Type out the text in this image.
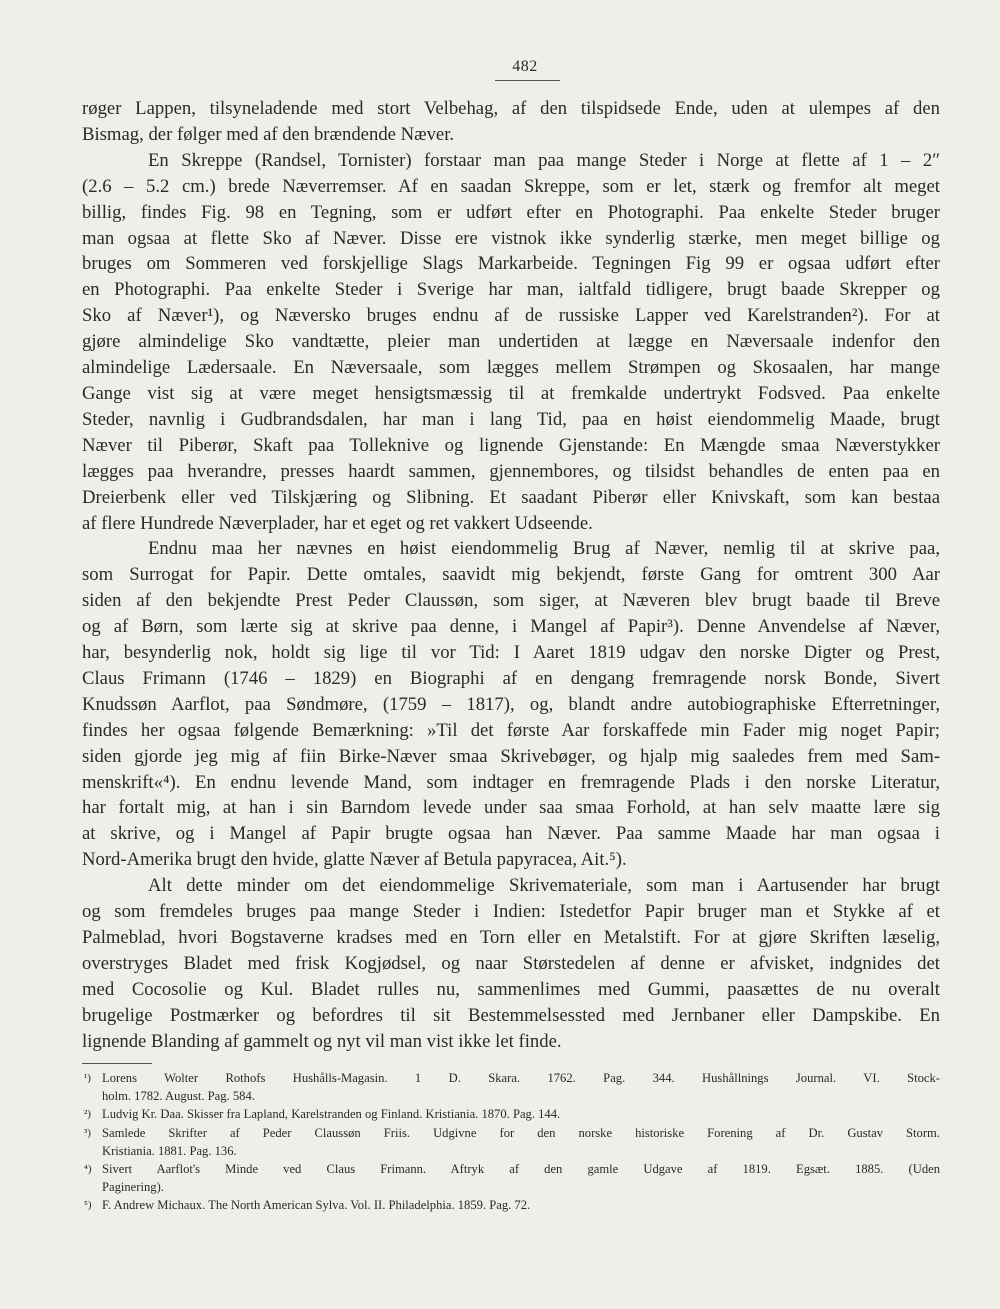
482
røger Lappen, tilsyneladende med stort Velbehag, af den tilspidsede Ende, uden at ulempes af den
Bismag, der følger med af den brændende Næver.
En Skreppe (Randsel, Tornister) forstaar man paa mange Steder i Norge at flette af 1 – 2″
(2.6 – 5.2 cm.) brede Næverremser. Af en saadan Skreppe, som er let, stærk og fremfor alt meget
billig, findes Fig. 98 en Tegning, som er udført efter en Photographi. Paa enkelte Steder bruger
man ogsaa at flette Sko af Næver. Disse ere vistnok ikke synderlig stærke, men meget billige og
bruges om Sommeren ved forskjellige Slags Markarbeide. Tegningen Fig 99 er ogsaa udført efter
en Photographi. Paa enkelte Steder i Sverige har man, ialtfald tidligere, brugt baade Skrepper og
Sko af Næver¹), og Næversko bruges endnu af de russiske Lapper ved Karelstranden²). For at
gjøre almindelige Sko vandtætte, pleier man undertiden at lægge en Næversaale indenfor den
almindelige Lædersaale. En Næversaale, som lægges mellem Strømpen og Skosaalen, har mange
Gange vist sig at være meget hensigtsmæssig til at fremkalde undertrykt Fodsved. Paa enkelte
Steder, navnlig i Gudbrandsdalen, har man i lang Tid, paa en høist eiendommelig Maade, brugt
Næver til Piberør, Skaft paa Tolleknive og lignende Gjenstande: En Mængde smaa Næverstykker
lægges paa hverandre, presses haardt sammen, gjennembores, og tilsidst behandles de enten paa en
Dreierbenk eller ved Tilskjæring og Slibning. Et saadant Piberør eller Knivskaft, som kan bestaa
af flere Hundrede Næverplader, har et eget og ret vakkert Udseende.
Endnu maa her nævnes en høist eiendommelig Brug af Næver, nemlig til at skrive paa,
som Surrogat for Papir. Dette omtales, saavidt mig bekjendt, første Gang for omtrent 300 Aar
siden af den bekjendte Prest Peder Claussøn, som siger, at Næveren blev brugt baade til Breve
og af Børn, som lærte sig at skrive paa denne, i Mangel af Papir³). Denne Anvendelse af Næver,
har, besynderlig nok, holdt sig lige til vor Tid: I Aaret 1819 udgav den norske Digter og Prest,
Claus Frimann (1746 – 1829) en Biographi af en dengang fremragende norsk Bonde, Sivert
Knudssøn Aarflot, paa Søndmøre, (1759 – 1817), og, blandt andre autobiographiske Efterretninger,
findes her ogsaa følgende Bemærkning: »Til det første Aar forskaffede min Fader mig noget Papir;
siden gjorde jeg mig af fiin Birke-Næver smaa Skrivebøger, og hjalp mig saaledes frem med Sam-
menskrift«⁴). En endnu levende Mand, som indtager en fremragende Plads i den norske Literatur,
har fortalt mig, at han i sin Barndom levede under saa smaa Forhold, at han selv maatte lære sig
at skrive, og i Mangel af Papir brugte ogsaa han Næver. Paa samme Maade har man ogsaa i
Nord-Amerika brugt den hvide, glatte Næver af Betula papyracea, Ait.⁵).
Alt dette minder om det eiendommelige Skrivemateriale, som man i Aartusender har brugt
og som fremdeles bruges paa mange Steder i Indien: Istedetfor Papir bruger man et Stykke af et
Palmeblad, hvori Bogstaverne kradses med en Torn eller en Metalstift. For at gjøre Skriften læselig,
overstryges Bladet med frisk Kogjødsel, og naar Størstedelen af denne er afvisket, indgnides det
med Cocosolie og Kul. Bladet rulles nu, sammenlimes med Gummi, paasættes de nu overalt
brugelige Postmærker og befordres til sit Bestemmelsessted med Jernbaner eller Dampskibe. En
lignende Blanding af gammelt og nyt vil man vist ikke let finde.
¹) Lorens Wolter Rothofs Hushålls-Magasin. 1 D. Skara. 1762. Pag. 344. Hushållnings Journal. VI. Stock-
holm. 1782. August. Pag. 584.
²) Ludvig Kr. Daa. Skisser fra Lapland, Karelstranden og Finland. Kristiania. 1870. Pag. 144.
³) Samlede Skrifter af Peder Claussøn Friis. Udgivne for den norske historiske Forening af Dr. Gustav Storm.
Kristiania. 1881. Pag. 136.
⁴) Sivert Aarflot's Minde ved Claus Frimann. Aftryk af den gamle Udgave af 1819. Egsæt. 1885. (Uden
Paginering).
⁵) F. Andrew Michaux. The North American Sylva. Vol. II. Philadelphia. 1859. Pag. 72.
